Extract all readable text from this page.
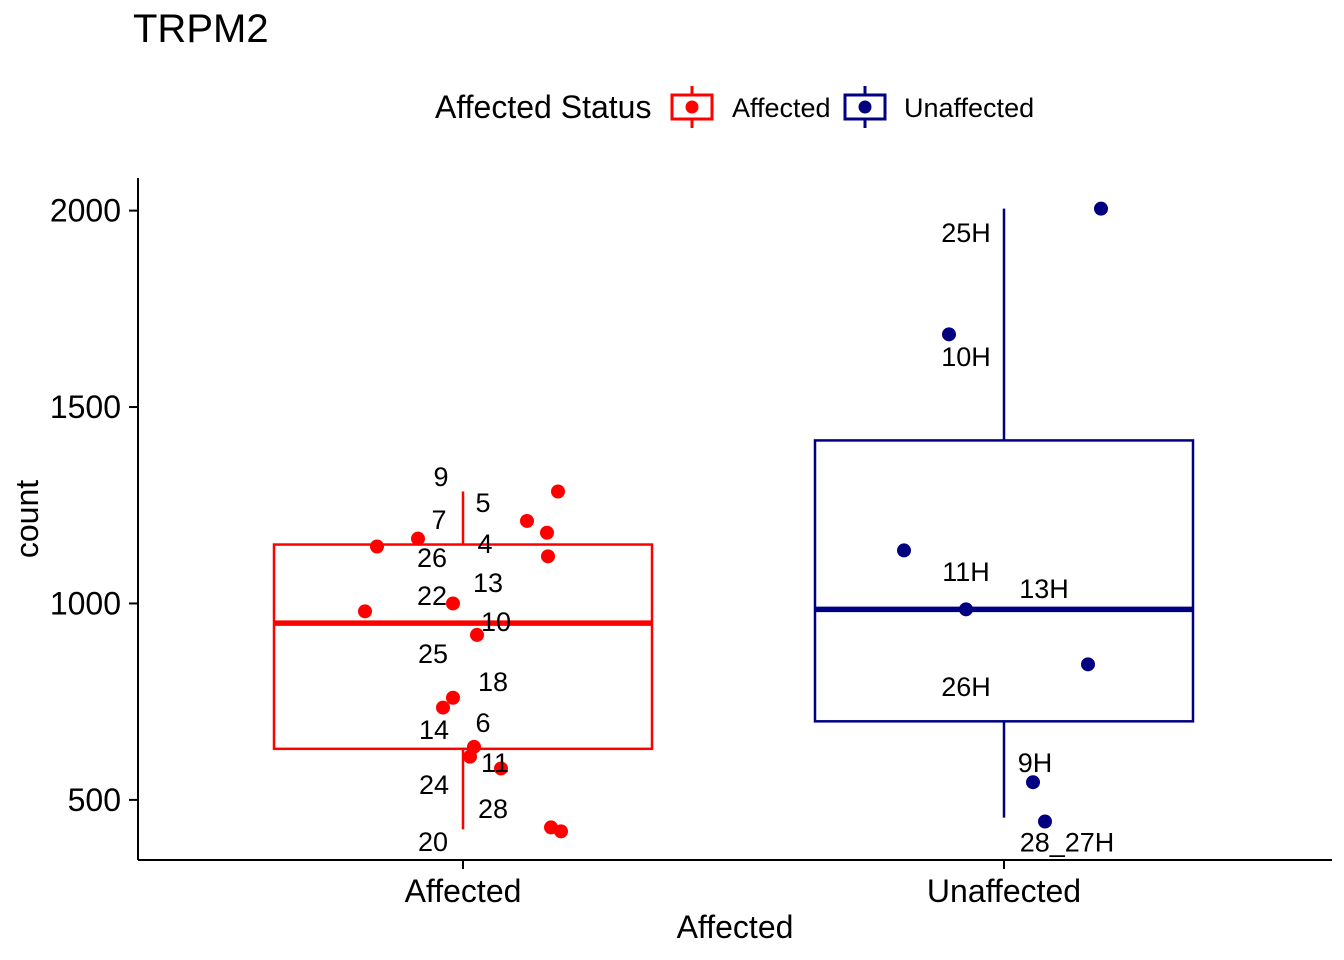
TRPM2
Affected Status	Affected	Unaffected
500
1000
1500
2000
Affected	Unaffected
Affected
count
9
5
7
4
26
13
22
10
25
18
6
14
11
24
28
20
25H
10H
11H
13H
26H
9H
28_27H
